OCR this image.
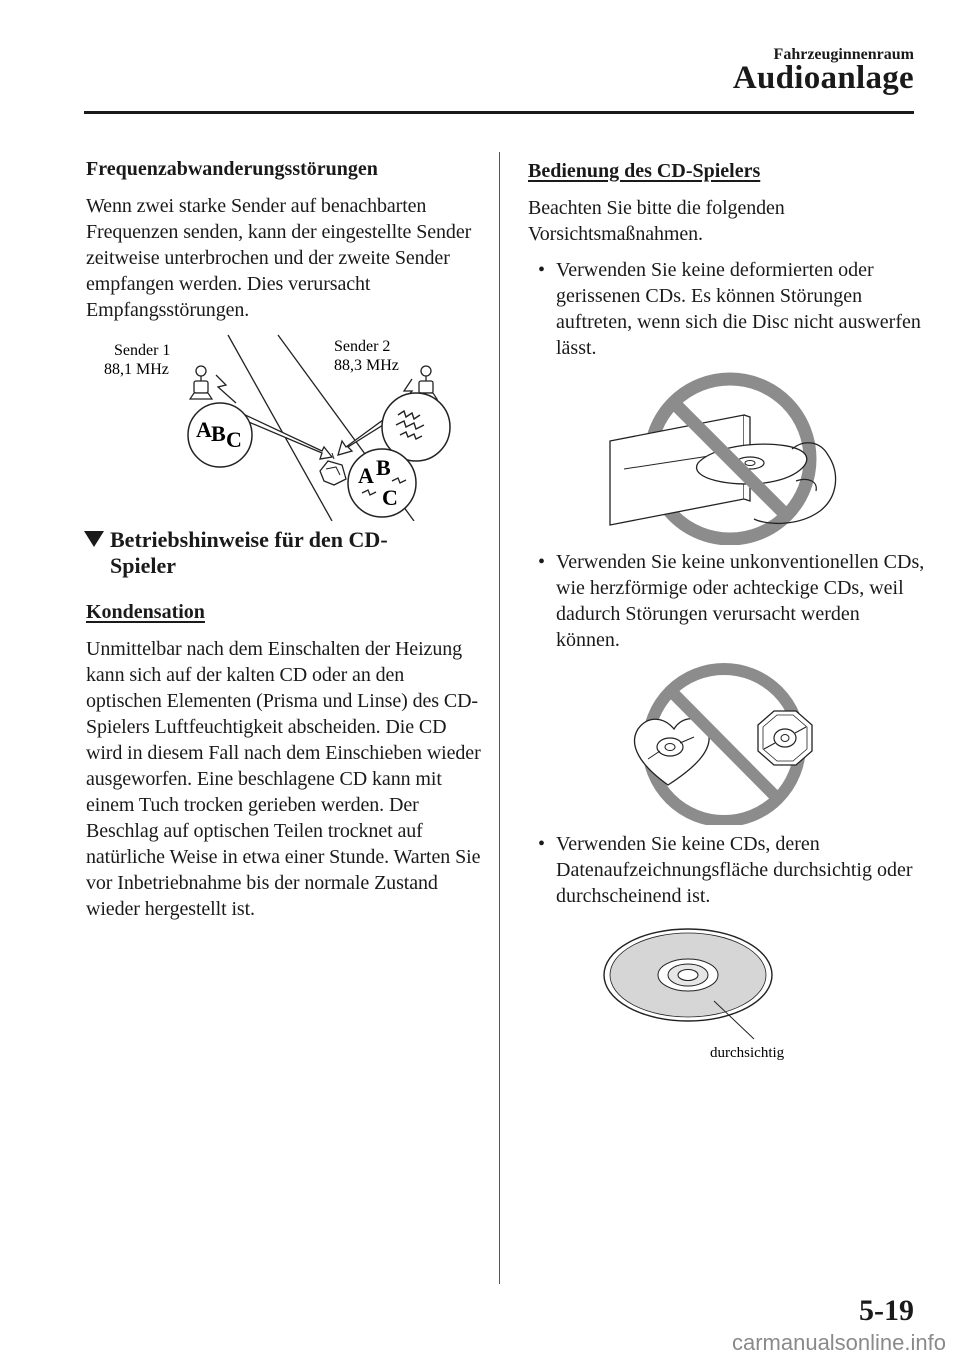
Fahrzeuginnenraum
Audioanlage
Frequenzabwanderungsstörungen

Wenn zwei starke Sender auf benachbarten Frequenzen senden, kann der eingestellte Sender zeitweise unterbrochen und der zweite Sender empfangen werden. Dies verursacht Empfangsstörungen.

Sender 1
88,1 MHz
Sender 2
88,3 MHz
A B C
A B
C
Betriebshinweise für den CD-
Spieler
Kondensation

Unmittelbar nach dem Einschalten der Heizung kann sich auf der kalten CD oder an den optischen Elementen (Prisma und Linse) des CD-Spielers Luftfeuchtigkeit abscheiden. Die CD wird in diesem Fall nach dem Einschieben wieder ausgeworfen. Eine beschlagene CD kann mit einem Tuch trocken gerieben werden. Der Beschlag auf optischen Teilen trocknet auf natürliche Weise in etwa einer Stunde. Warten Sie vor Inbetriebnahme bis der normale Zustand wieder hergestellt ist.

Bedienung des CD-Spielers

Beachten Sie bitte die folgenden Vorsichtsmaßnahmen.

• Verwenden Sie keine deformierten oder gerissenen CDs. Es können Störungen auftreten, wenn sich die Disc nicht auswerfen lässt.
• Verwenden Sie keine unkonventionellen CDs, wie herzförmige oder achteckige CDs, weil dadurch Störungen verursacht werden können.
• Verwenden Sie keine CDs, deren Datenaufzeichnungsfläche durchsichtig oder durchscheinend ist.
durchsichtig
5-19
carmanualsonline.info
